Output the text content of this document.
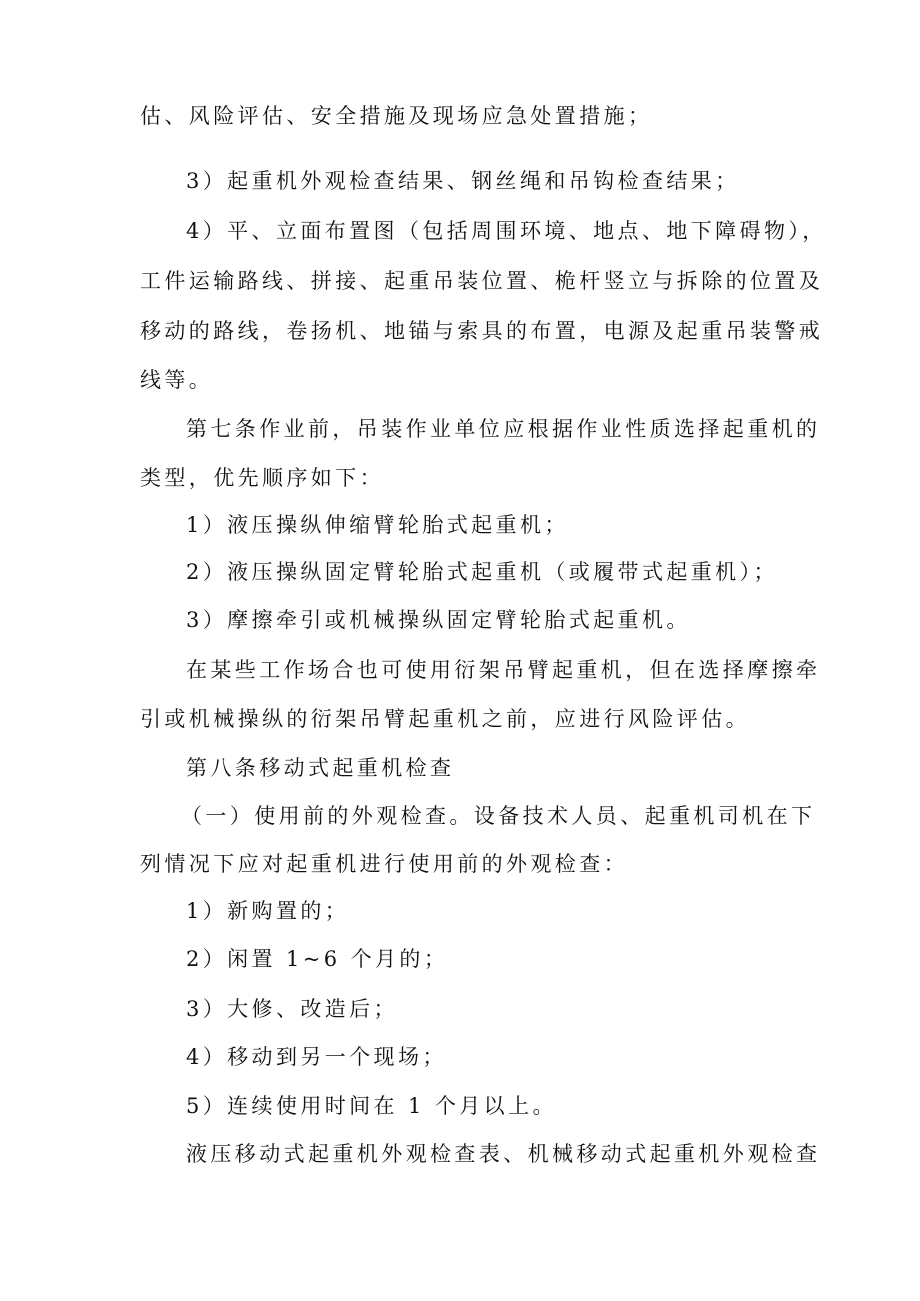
估、风险评估、安全措施及现场应急处置措施；
3）起重机外观检查结果、钢丝绳和吊钩检查结果；
4）平、立面布置图（包括周围环境、地点、地下障碍物），
工件运输路线、拼接、起重吊装位置、桅杆竖立与拆除的位置及
移动的路线，卷扬机、地锚与索具的布置，电源及起重吊装警戒
线等。
第七条作业前，吊装作业单位应根据作业性质选择起重机的
类型，优先顺序如下：
1）液压操纵伸缩臂轮胎式起重机；
2）液压操纵固定臂轮胎式起重机（或履带式起重机）；
3）摩擦牵引或机械操纵固定臂轮胎式起重机。
在某些工作场合也可使用衍架吊臂起重机，但在选择摩擦牵
引或机械操纵的衍架吊臂起重机之前，应进行风险评估。
第八条移动式起重机检查
（一）使用前的外观检查。设备技术人员、起重机司机在下
列情况下应对起重机进行使用前的外观检查：
1）新购置的；
2）闲置 1~6 个月的；
3）大修、改造后；
4）移动到另一个现场；
5）连续使用时间在 1 个月以上。
液压移动式起重机外观检查表、机械移动式起重机外观检查
